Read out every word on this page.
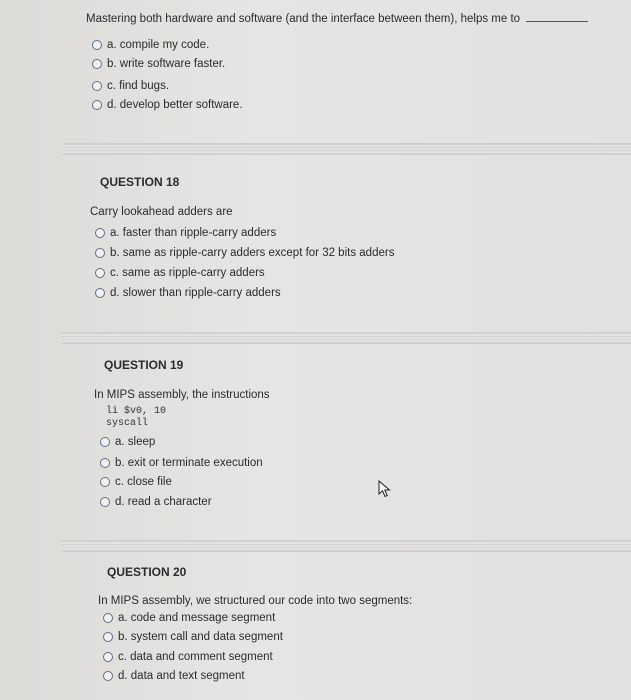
Mastering both hardware and software (and the interface between them), helps me to
a. compile my code.
b. write software faster.
c. find bugs.
d. develop better software.
QUESTION 18
Carry lookahead adders are
a. faster than ripple-carry adders
b. same as ripple-carry adders except for 32 bits adders
c. same as ripple-carry adders
d. slower than ripple-carry adders
QUESTION 19
In MIPS assembly, the instructions
li $v0, 10
syscall
a. sleep
b. exit or terminate execution
c. close file
d. read a character
QUESTION 20
In MIPS assembly, we structured our code into two segments:
a. code and message segment
b. system call and data segment
c. data and comment segment
d. data and text segment
